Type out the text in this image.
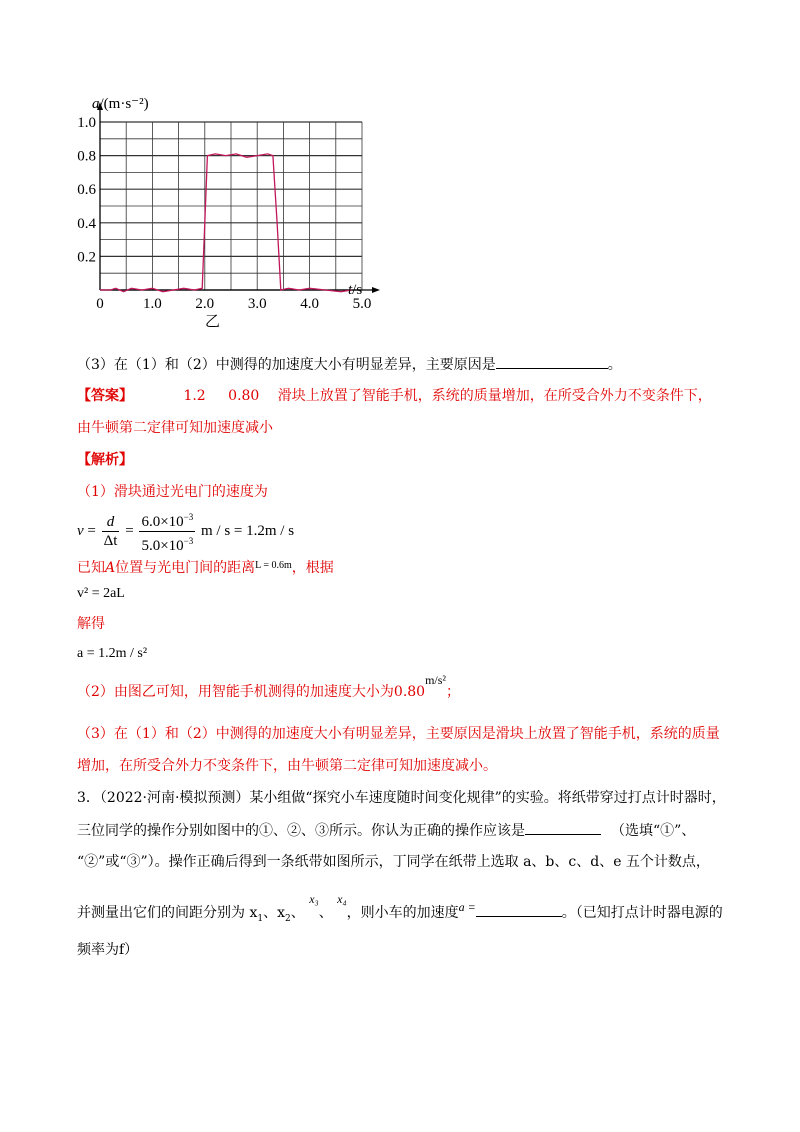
0	1.0 2.0 3.0 4.0 5.0
0.2
0.4
0.6
0.8
1.0
a/(m·s⁻²)
t/s
乙
（3）在（1）和（2）中测得的加速度大小有明显差异，主要原因是	。
【答案】	1.2 0.80 滑块上放置了智能手机，系统的质量增加，在所受合外力不变条件下，
由牛顿第二定律可知加速度减小
【解析】
（1）滑块通过光电门的速度为
$v = \frac{d}{\Delta t} = \frac{6.0\times 10^{-3}}{5.0\times 10^{-3}}$ m / s = 1.2m / s
已知A位置与光电门间的距离$^{L = 0.6m}$，根据
v² = 2aL
解得
a = 1.2m / s²
（2）由图乙可知，用智能手机测得的加速度大小为0.80m/s²；
（3）在（1）和（2）中测得的加速度大小有明显差异，主要原因是滑块上放置了智能手机，系统的质量
增加，在所受合外力不变条件下，由牛顿第二定律可知加速度减小。
3．（2022·河南·模拟预测）某小组做“探究小车速度随时间变化规律”的实验。将纸带穿过打点计时器时，
三位同学的操作分别如图中的①、②、③所示。你认为正确的操作应该是	（选填“①”、
“②”或“③”）。操作正确后得到一条纸带如图所示，丁同学在纸带上选取 a、b、c、d、e 五个计数点，
并测量出它们的间距分别为 $x_1$、$x_2$、 x₃、 x₄，则小车的加速度a =	。（已知打点计时器电源的
频率为f）
